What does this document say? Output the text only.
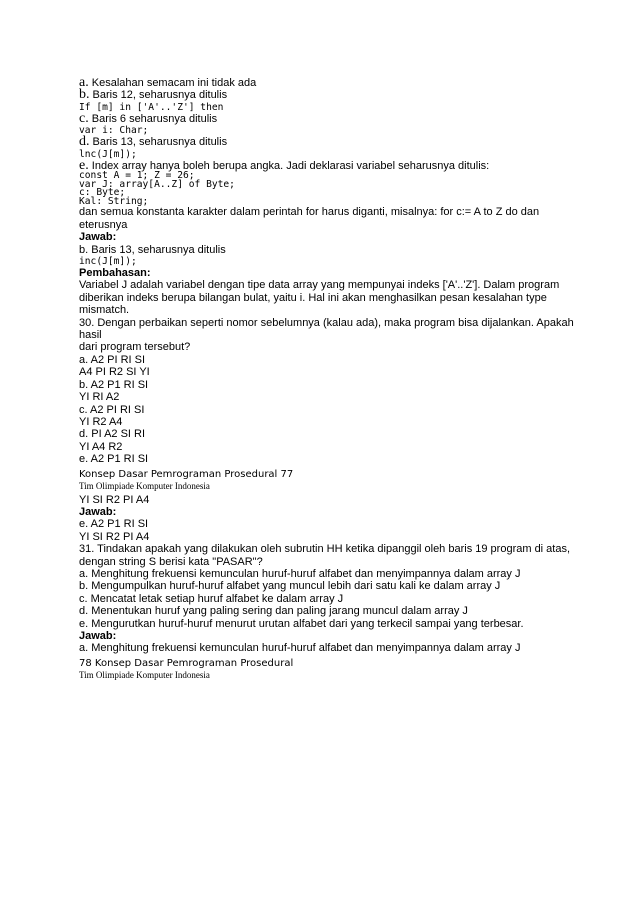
a. Kesalahan semacam ini tidak ada
b. Baris 12, seharusnya ditulis
If [m] in ['A'..'Z'] then
c. Baris 6 seharusnya ditulis
var i: Char;
d. Baris 13, seharusnya ditulis
lnc(J[m]);
e. Index array hanya boleh berupa angka. Jadi deklarasi variabel seharusnya ditulis:
const A = 1; Z = 26;
var J: array[A..Z] of Byte;
c: Byte;
Kal: String;
dan semua konstanta karakter dalam perintah for harus diganti, misalnya: for c:= A to Z do dan
eterusnya
Jawab:
b. Baris 13, seharusnya ditulis
inc(J[m]);
Pembahasan:
Variabel J adalah variabel dengan tipe data array yang mempunyai indeks ['A'..'Z']. Dalam program
diberikan indeks berupa bilangan bulat, yaitu i. Hal ini akan menghasilkan pesan kesalahan type
mismatch.
30. Dengan perbaikan seperti nomor sebelumnya (kalau ada), maka program bisa dijalankan. Apakah
hasil
dari program tersebut?
a. A2 PI RI SI
A4 PI R2 SI YI
b. A2 P1 RI SI
YI RI A2
c. A2 PI RI SI
YI R2 A4
d. PI A2 SI RI
YI A4 R2
e. A2 P1 RI SI
Konsep Dasar Pemrograman Prosedural 77
Tim Olimpiade Komputer Indonesia
YI SI R2 PI A4
Jawab:
e. A2 P1 RI SI
YI SI R2 PI A4
31. Tindakan apakah yang dilakukan oleh subrutin HH ketika dipanggil oleh baris 19 program di atas,
dengan string S berisi kata "PASAR"?
a. Menghitung frekuensi kemunculan huruf-huruf alfabet dan menyimpannya dalam array J
b. Mengumpulkan huruf-huruf alfabet yang muncul lebih dari satu kali ke dalam array J
c. Mencatat letak setiap huruf alfabet ke dalam array J
d. Menentukan huruf yang paling sering dan paling jarang muncul dalam array J
e. Mengurutkan huruf-huruf menurut urutan alfabet dari yang terkecil sampai yang terbesar.
Jawab:
a. Menghitung frekuensi kemunculan huruf-huruf alfabet dan menyimpannya dalam array J
78 Konsep Dasar Pemrograman Prosedural
Tim Olimpiade Komputer Indonesia
